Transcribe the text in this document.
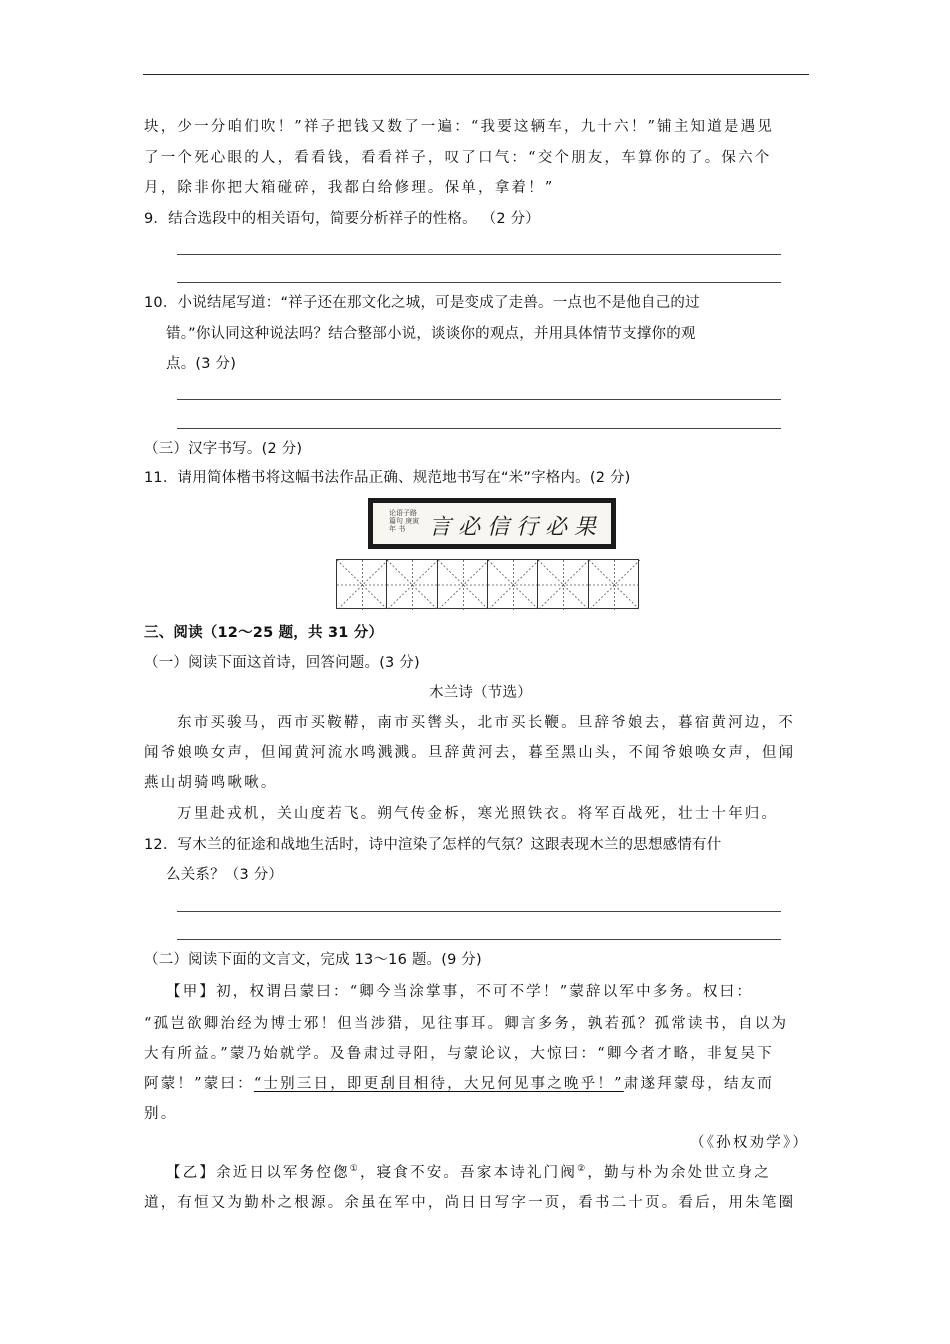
块，少一分咱们吹！”祥子把钱又数了一遍：“我要这辆车，九十六！”铺主知道是遇见
了一个死心眼的人，看看钱，看看祥子，叹了口气：“交个朋友，车算你的了。保六个
月，除非你把大箱碰碎，我都白给修理。保单，拿着！”
9．结合选段中的相关语句，简要分析祥子的性格。 （2 分）
10．小说结尾写道：“祥子还在那文化之城，可是变成了走兽。一点也不是他自己的过
错。”你认同这种说法吗？结合整部小说，谈谈你的观点，并用具体情节支撑你的观
点。(3 分)
（三）汉字书写。(2 分)
11．请用简体楷书将这幅书法作品正确、规范地书写在“米”字格内。(2 分)
论语子路 篇句 庚寅年 书	言必信行必果
三、阅读（12～25 题，共 31 分）
（一）阅读下面这首诗，回答问题。(3 分)
木兰诗（节选）
东市买骏马，西市买鞍鞯，南市买辔头，北市买长鞭。旦辞爷娘去，暮宿黄河边，不
闻爷娘唤女声，但闻黄河流水鸣溅溅。旦辞黄河去，暮至黑山头，不闻爷娘唤女声，但闻
燕山胡骑鸣啾啾。
万里赴戎机，关山度若飞。朔气传金柝，寒光照铁衣。将军百战死，壮士十年归。
12．写木兰的征途和战地生活时，诗中渲染了怎样的气氛？这跟表现木兰的思想感情有什
么关系？（3 分）
（二）阅读下面的文言文，完成 13～16 题。(9 分)
【甲】初，权谓吕蒙曰：“卿今当涂掌事，不可不学！”蒙辞以军中多务。权曰：
“孤岂欲卿治经为博士邪！但当涉猎，见往事耳。卿言多务，孰若孤？孤常读书，自以为
大有所益。”蒙乃始就学。及鲁肃过寻阳，与蒙论议，大惊曰：“卿今者才略，非复吴下
阿蒙！”蒙曰：“士别三日，即更刮目相待，大兄何见事之晚乎！”肃遂拜蒙母，结友而
别。
（《孙权劝学》）
【乙】余近日以军务倥偬①，寝食不安。吾家本诗礼门阀②，勤与朴为余处世立身之
道，有恒又为勤朴之根源。余虽在军中，尚日日写字一页，看书二十页。看后，用朱笔圈
